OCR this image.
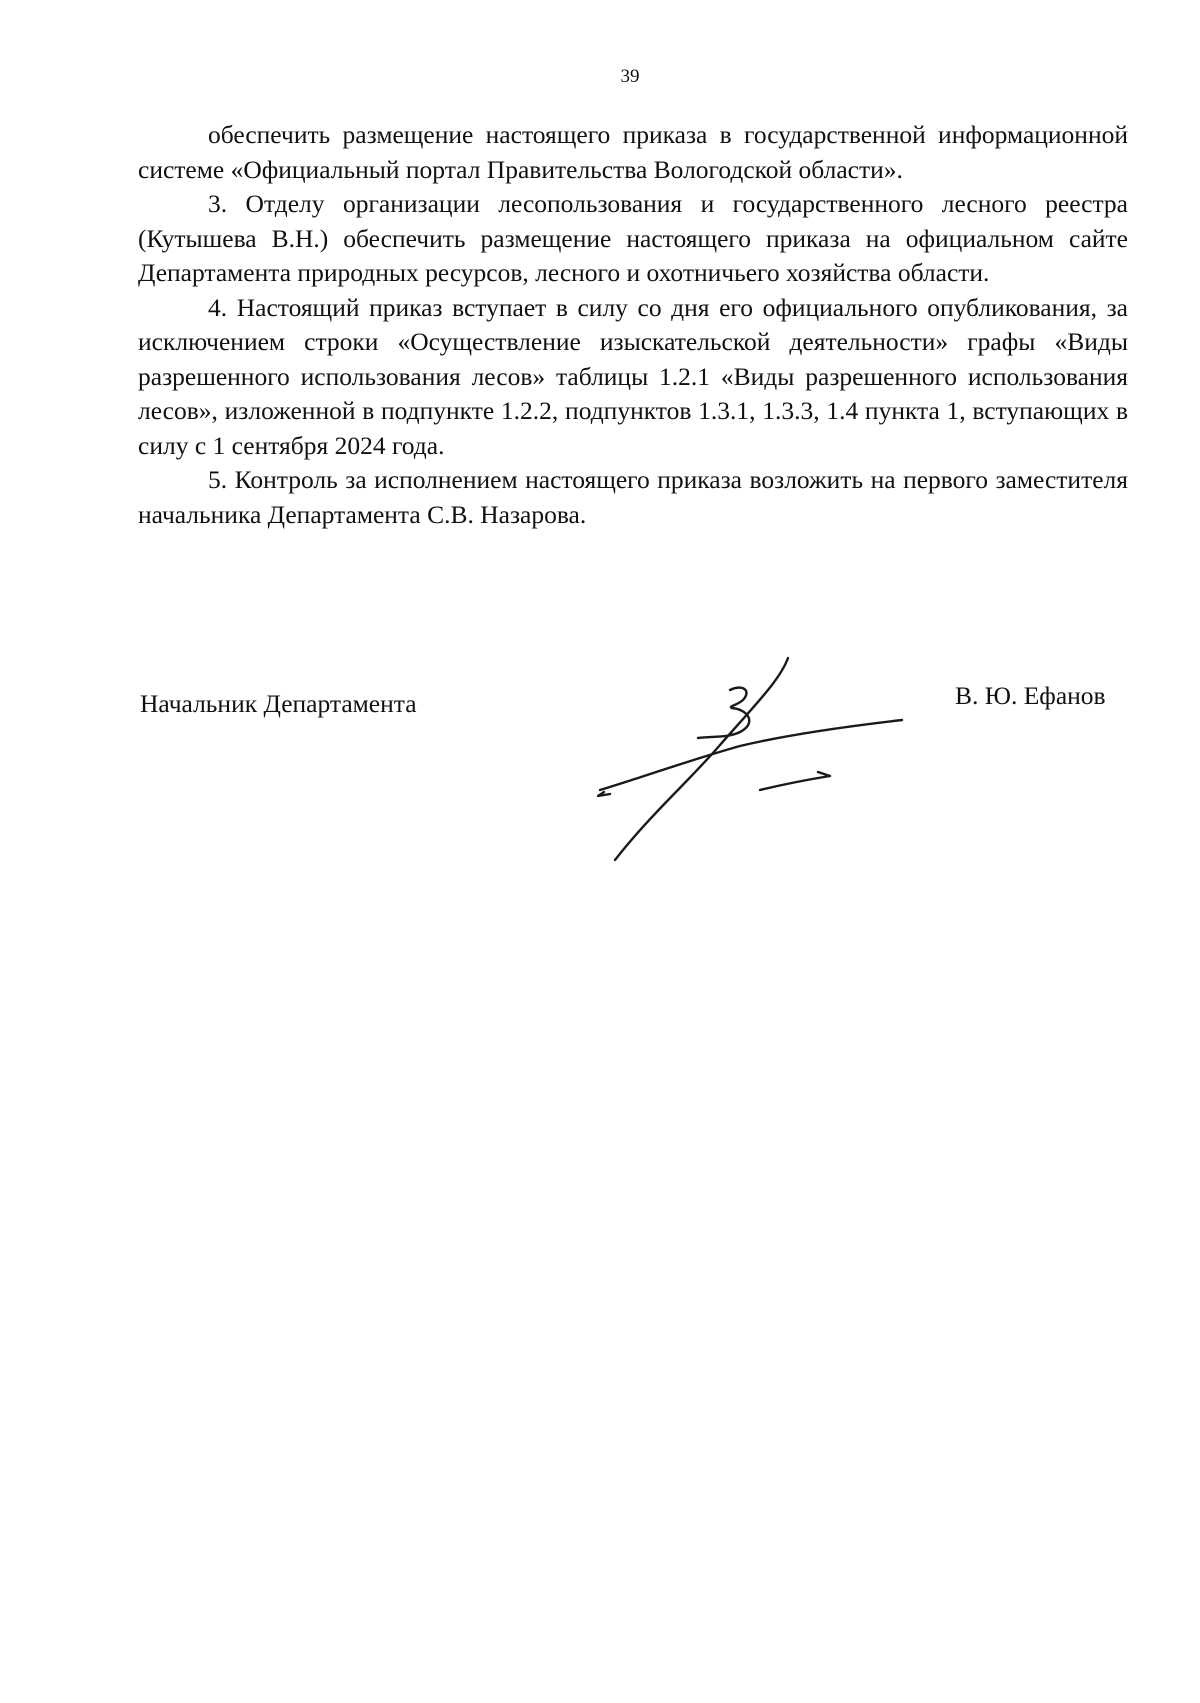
39

обеспечить размещение настоящего приказа в государственной информационной системе «Официальный портал Правительства Вологодской области».

3. Отделу организации лесопользования и государственного лесного реестра (Кутышева В.Н.) обеспечить размещение настоящего приказа на официальном сайте Департамента природных ресурсов, лесного и охотничьего хозяйства области.

4. Настоящий приказ вступает в силу со дня его официального опубликования, за исключением строки «Осуществление изыскательской деятельности» графы «Виды разрешенного использования лесов» таблицы 1.2.1 «Виды разрешенного использования лесов», изложенной в подпункте 1.2.2, подпунктов 1.3.1, 1.3.3, 1.4 пункта 1, вступающих в силу с 1 сентября 2024 года.

5. Контроль за исполнением настоящего приказа возложить на первого заместителя начальника Департамента С.В. Назарова.

Начальник Департамента	В. Ю. Ефанов
